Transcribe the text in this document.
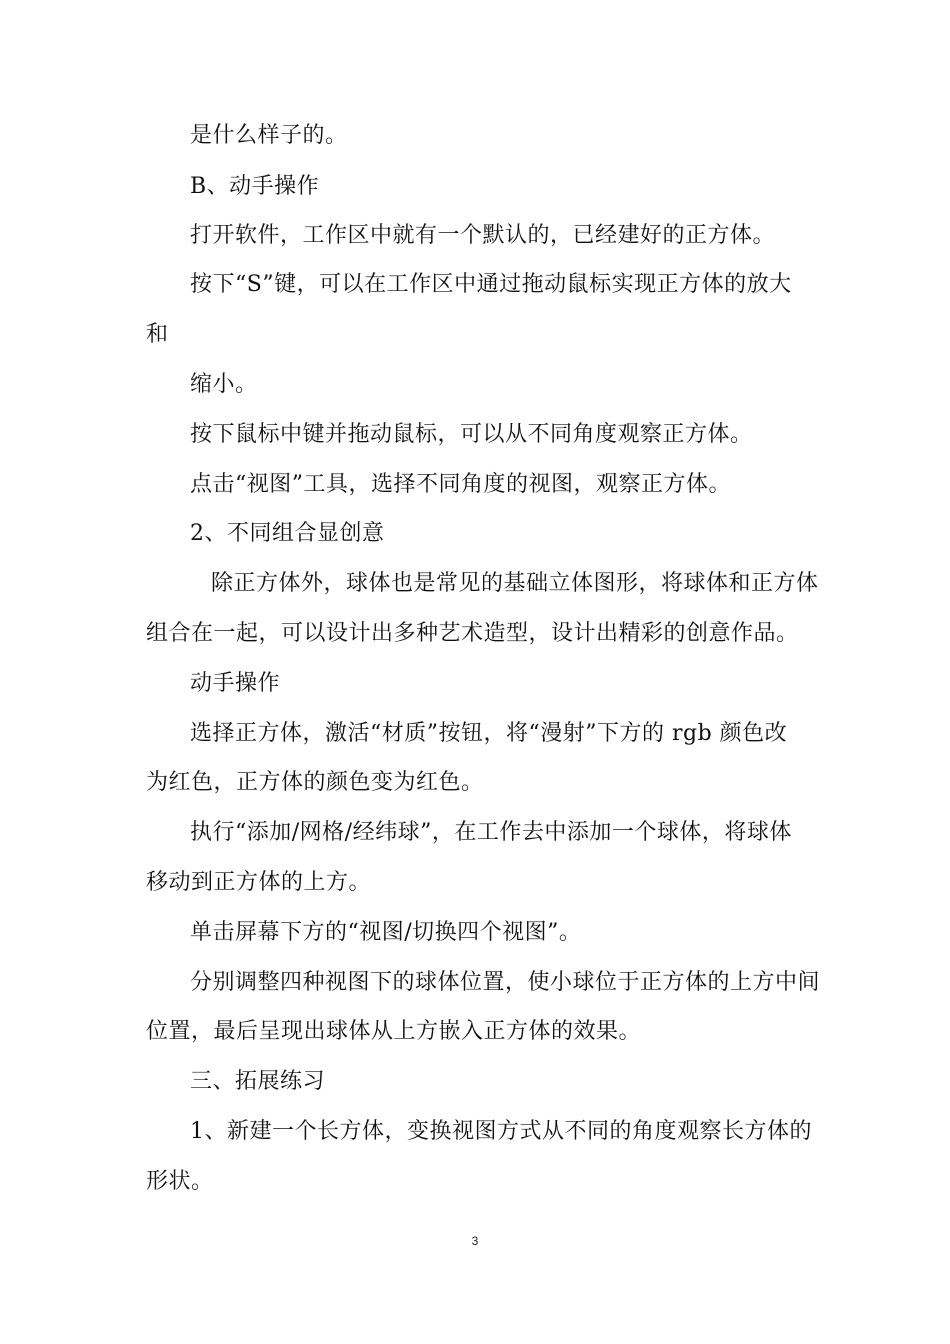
是什么样子的。
B、动手操作
打开软件，工作区中就有一个默认的，已经建好的正方体。
按下“S”键，可以在工作区中通过拖动鼠标实现正方体的放大
和
缩小。
按下鼠标中键并拖动鼠标，可以从不同角度观察正方体。
点击“视图”工具，选择不同角度的视图，观察正方体。
2、不同组合显创意
除正方体外，球体也是常见的基础立体图形，将球体和正方体
组合在一起，可以设计出多种艺术造型，设计出精彩的创意作品。
动手操作
选择正方体，激活“材质”按钮，将“漫射”下方的 rgb 颜色改
为红色，正方体的颜色变为红色。
执行“添加/网格/经纬球”，在工作去中添加一个球体，将球体
移动到正方体的上方。
单击屏幕下方的“视图/切换四个视图”。
分别调整四种视图下的球体位置，使小球位于正方体的上方中间
位置，最后呈现出球体从上方嵌入正方体的效果。
三、拓展练习
1、新建一个长方体，变换视图方式从不同的角度观察长方体的
形状。
3
